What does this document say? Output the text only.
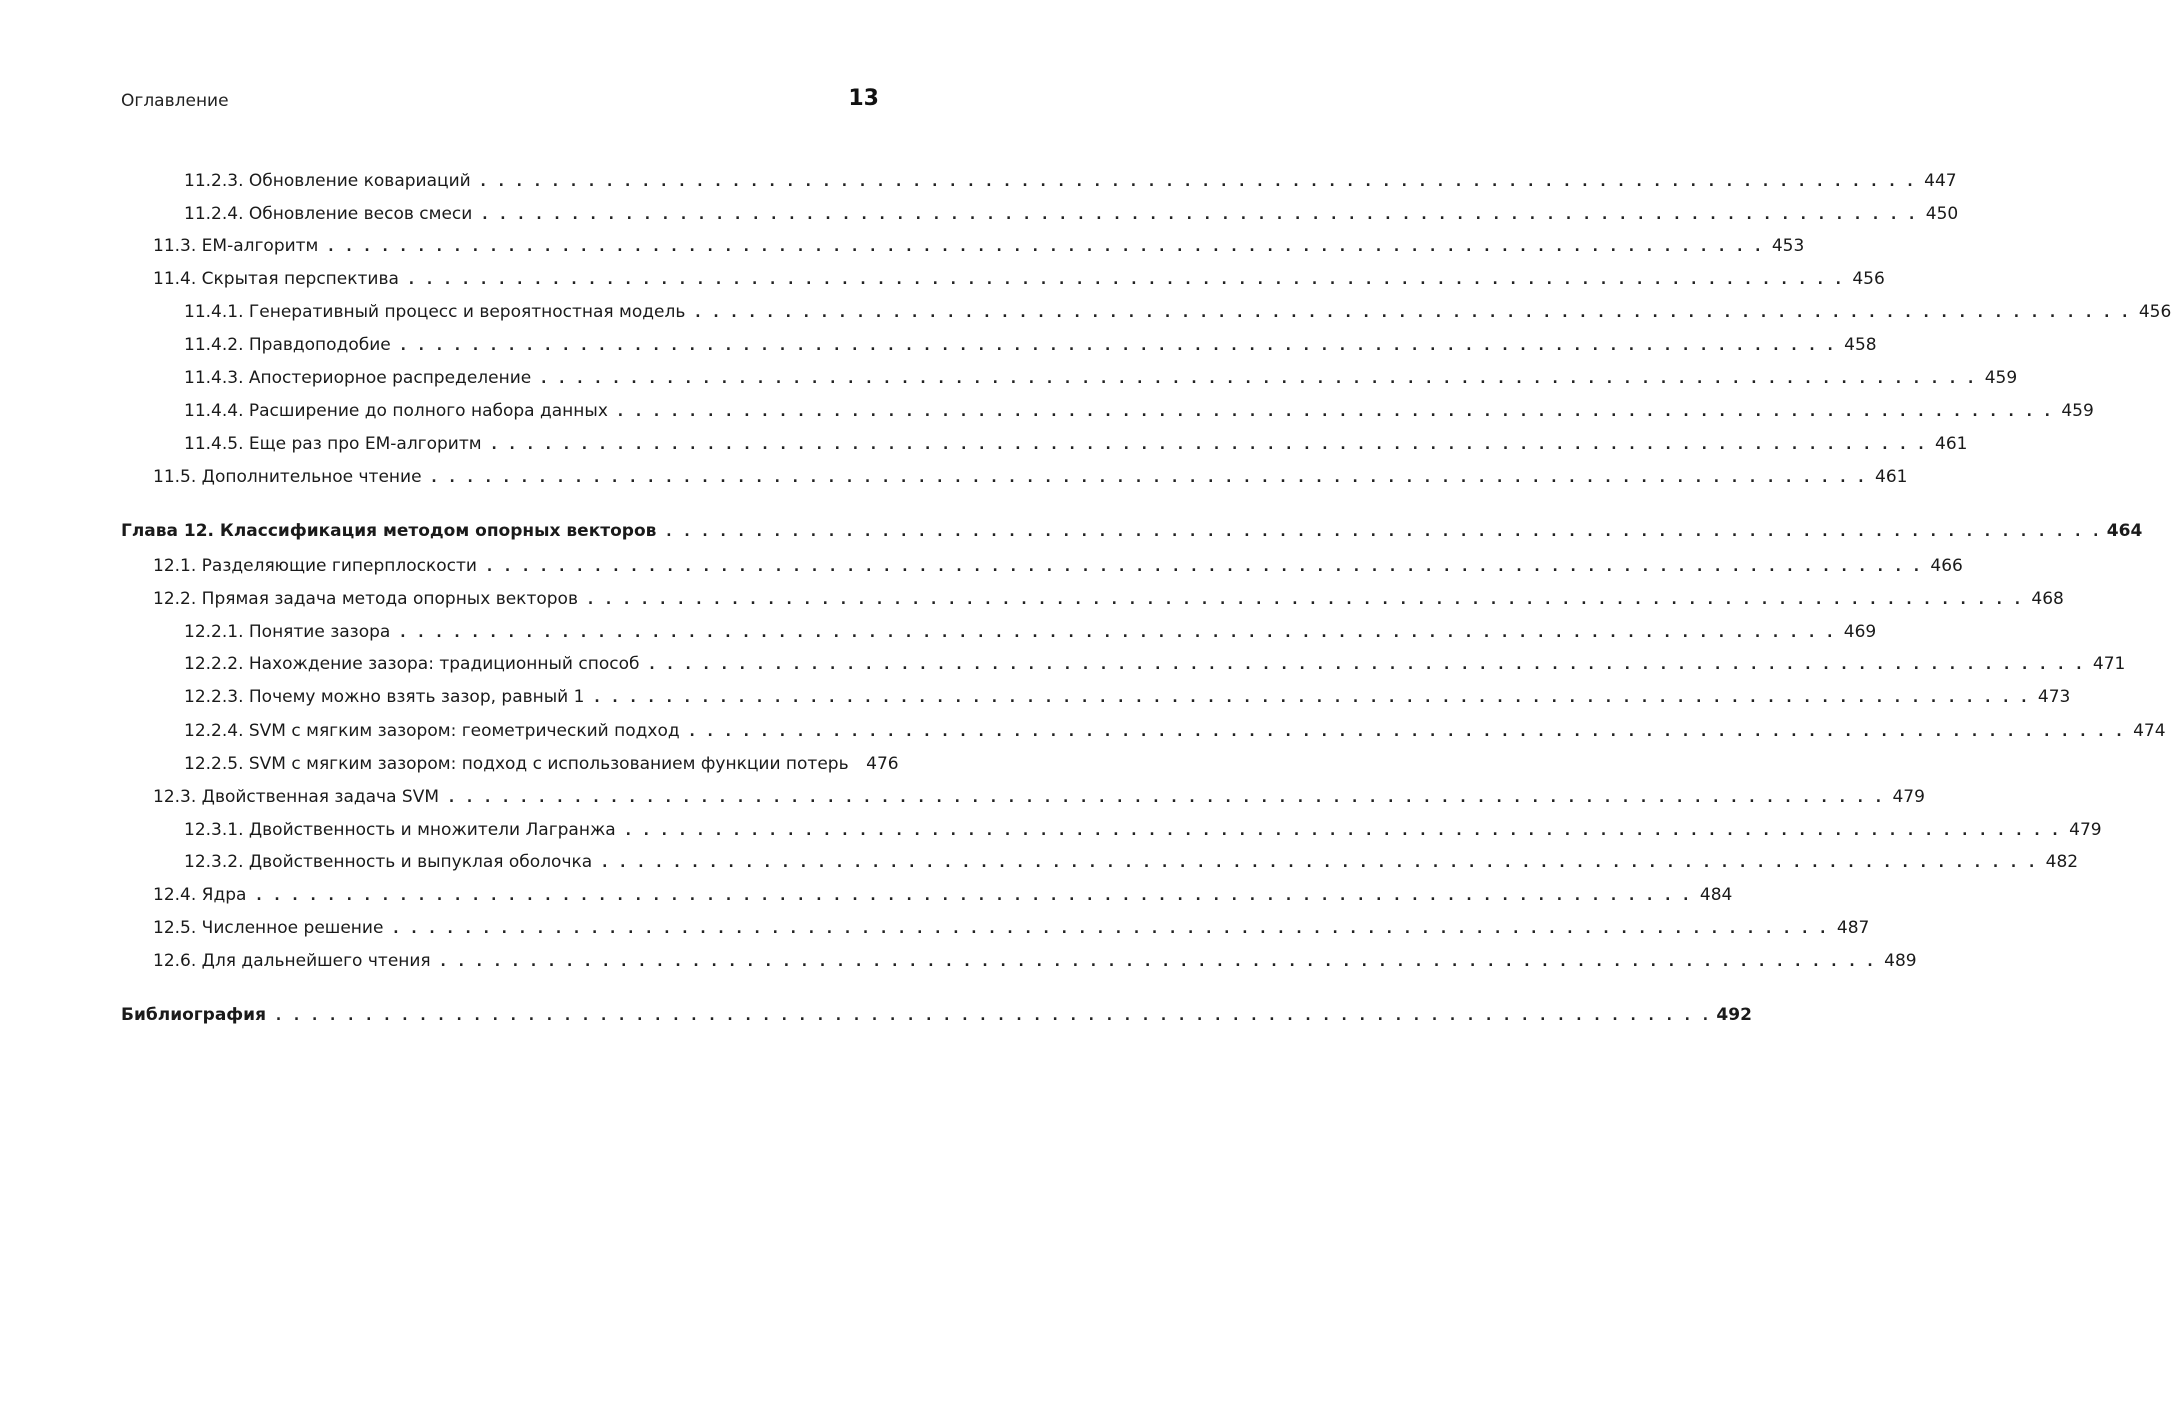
Оглавление	13
11.2.3. Обновление ковариаций . . . . . . . . . . . . . . . . . . . . . . . . . . . . . . . . . . . . . . . . . . . . . . . . . . . . . . . . . . . . . . . . . . . . . . . . . . . . . . . . 447
11.2.4. Обновление весов смеси . . . . . . . . . . . . . . . . . . . . . . . . . . . . . . . . . . . . . . . . . . . . . . . . . . . . . . . . . . . . . . . . . . . . . . . . . . . . . . . . 450
11.3. EM-алгоритм . . . . . . . . . . . . . . . . . . . . . . . . . . . . . . . . . . . . . . . . . . . . . . . . . . . . . . . . . . . . . . . . . . . . . . . . . . . . . . . . 453
11.4. Скрытая перспектива . . . . . . . . . . . . . . . . . . . . . . . . . . . . . . . . . . . . . . . . . . . . . . . . . . . . . . . . . . . . . . . . . . . . . . . . . . . . . . . . 456
11.4.1. Генеративный процесс и вероятностная модель . . . . . . . . . . . . . . . . . . . . . . . . . . . . . . . . . . . . . . . . . . . . . . . . . . . . . . . . . . . . . . . . . . . . . . . . . . . . . . . . 456
11.4.2. Правдоподобие . . . . . . . . . . . . . . . . . . . . . . . . . . . . . . . . . . . . . . . . . . . . . . . . . . . . . . . . . . . . . . . . . . . . . . . . . . . . . . . . 458
11.4.3. Апостериорное распределение . . . . . . . . . . . . . . . . . . . . . . . . . . . . . . . . . . . . . . . . . . . . . . . . . . . . . . . . . . . . . . . . . . . . . . . . . . . . . . . . 459
11.4.4. Расширение до полного набора данных . . . . . . . . . . . . . . . . . . . . . . . . . . . . . . . . . . . . . . . . . . . . . . . . . . . . . . . . . . . . . . . . . . . . . . . . . . . . . . . . 459
11.4.5. Еще раз про EM-алгоритм . . . . . . . . . . . . . . . . . . . . . . . . . . . . . . . . . . . . . . . . . . . . . . . . . . . . . . . . . . . . . . . . . . . . . . . . . . . . . . . . 461
11.5. Дополнительное чтение . . . . . . . . . . . . . . . . . . . . . . . . . . . . . . . . . . . . . . . . . . . . . . . . . . . . . . . . . . . . . . . . . . . . . . . . . . . . . . . . 461
Глава 12. Классификация методом опорных векторов . . . . . . . . . . . . . . . . . . . . . . . . . . . . . . . . . . . . . . . . . . . . . . . . . . . . . . . . . . . . . . . . . . . . . . . . . . . . . . . . 464
12.1. Разделяющие гиперплоскости . . . . . . . . . . . . . . . . . . . . . . . . . . . . . . . . . . . . . . . . . . . . . . . . . . . . . . . . . . . . . . . . . . . . . . . . . . . . . . . . 466
12.2. Прямая задача метода опорных векторов . . . . . . . . . . . . . . . . . . . . . . . . . . . . . . . . . . . . . . . . . . . . . . . . . . . . . . . . . . . . . . . . . . . . . . . . . . . . . . . . 468
12.2.1. Понятие зазора . . . . . . . . . . . . . . . . . . . . . . . . . . . . . . . . . . . . . . . . . . . . . . . . . . . . . . . . . . . . . . . . . . . . . . . . . . . . . . . . 469
12.2.2. Нахождение зазора: традиционный способ . . . . . . . . . . . . . . . . . . . . . . . . . . . . . . . . . . . . . . . . . . . . . . . . . . . . . . . . . . . . . . . . . . . . . . . . . . . . . . . . 471
12.2.3. Почему можно взять зазор, равный 1 . . . . . . . . . . . . . . . . . . . . . . . . . . . . . . . . . . . . . . . . . . . . . . . . . . . . . . . . . . . . . . . . . . . . . . . . . . . . . . . . 473
12.2.4. SVM с мягким зазором: геометрический подход . . . . . . . . . . . . . . . . . . . . . . . . . . . . . . . . . . . . . . . . . . . . . . . . . . . . . . . . . . . . . . . . . . . . . . . . . . . . . . . . 474
12.2.5. SVM с мягким зазором: подход с использованием функции потерь	476
12.3. Двойственная задача SVM . . . . . . . . . . . . . . . . . . . . . . . . . . . . . . . . . . . . . . . . . . . . . . . . . . . . . . . . . . . . . . . . . . . . . . . . . . . . . . . . 479
12.3.1. Двойственность и множители Лагранжа . . . . . . . . . . . . . . . . . . . . . . . . . . . . . . . . . . . . . . . . . . . . . . . . . . . . . . . . . . . . . . . . . . . . . . . . . . . . . . . . 479
12.3.2. Двойственность и выпуклая оболочка . . . . . . . . . . . . . . . . . . . . . . . . . . . . . . . . . . . . . . . . . . . . . . . . . . . . . . . . . . . . . . . . . . . . . . . . . . . . . . . . 482
12.4. Ядра . . . . . . . . . . . . . . . . . . . . . . . . . . . . . . . . . . . . . . . . . . . . . . . . . . . . . . . . . . . . . . . . . . . . . . . . . . . . . . . . 484
12.5. Численное решение . . . . . . . . . . . . . . . . . . . . . . . . . . . . . . . . . . . . . . . . . . . . . . . . . . . . . . . . . . . . . . . . . . . . . . . . . . . . . . . . 487
12.6. Для дальнейшего чтения . . . . . . . . . . . . . . . . . . . . . . . . . . . . . . . . . . . . . . . . . . . . . . . . . . . . . . . . . . . . . . . . . . . . . . . . . . . . . . . . 489
Библиография . . . . . . . . . . . . . . . . . . . . . . . . . . . . . . . . . . . . . . . . . . . . . . . . . . . . . . . . . . . . . . . . . . . . . . . . . . . . . . . . 492
